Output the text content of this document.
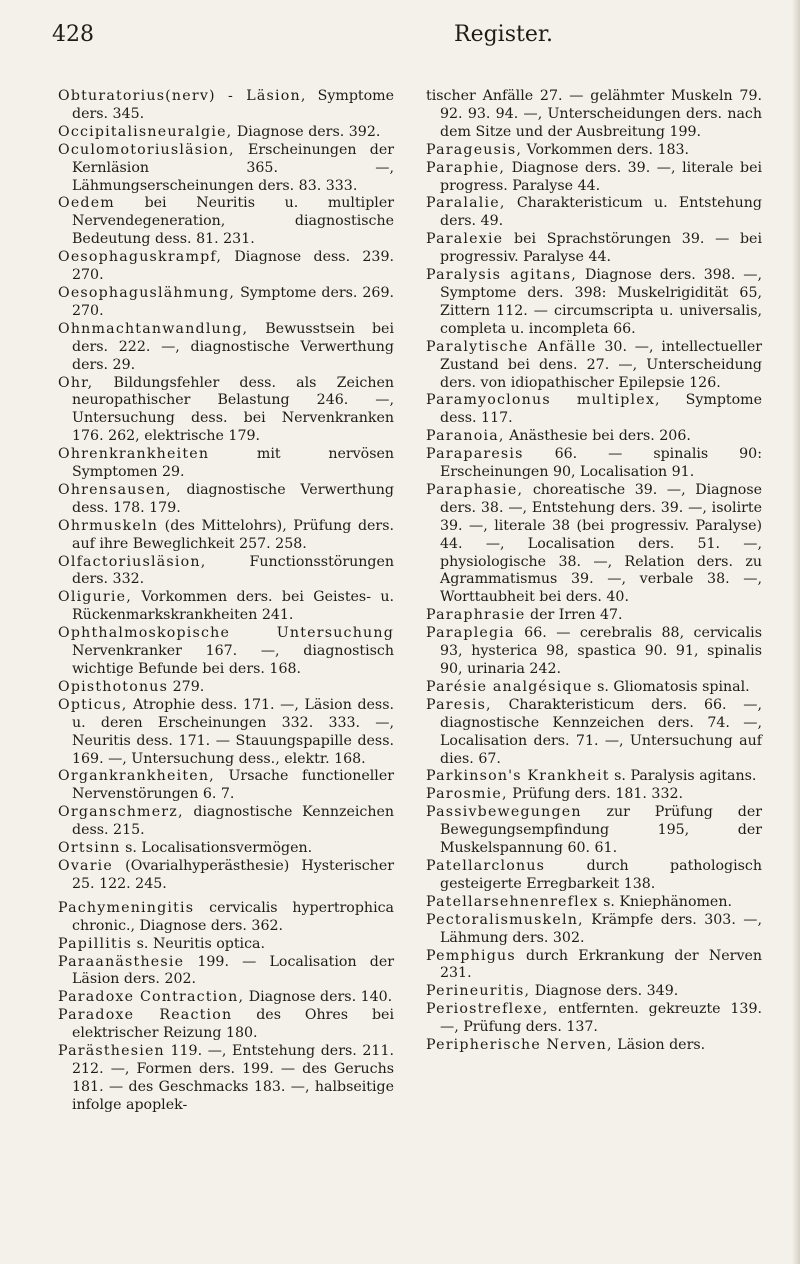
428	Register.

Obturatorius(nerv) - Läsion, Symptome ders. 345.

Occipitalisneuralgie, Diagnose ders. 392.

Oculomotoriusläsion, Erscheinungen der Kernläsion 365. —, Lähmungserscheinungen ders. 83. 333.

Oedem bei Neuritis u. multipler Nervendegeneration, diagnostische Bedeutung dess. 81. 231.

Oesophaguskrampf, Diagnose dess. 239. 270.

Oesophaguslähmung, Symptome ders. 269. 270.

Ohnmachtanwandlung, Bewusstsein bei ders. 222. —, diagnostische Verwerthung ders. 29.

Ohr, Bildungsfehler dess. als Zeichen neuropathischer Belastung 246. —, Untersuchung dess. bei Nervenkranken 176. 262, elektrische 179.

Ohrenkrankheiten	mit nervösen Symptomen 29.

Ohrensausen, diagnostische Verwerthung dess. 178. 179.

Ohrmuskeln (des Mittelohrs), Prüfung ders. auf ihre Beweglichkeit 257. 258.

Olfactoriusläsion,	Functionsstörungen ders. 332.

Oligurie, Vorkommen ders. bei Geistes- u. Rückenmarkskrankheiten 241.

Ophthalmoskopische Untersuchung Nervenkranker 167. —, diagnostisch wichtige Befunde bei ders. 168.

Opisthotonus 279.

Opticus, Atrophie dess. 171. —, Läsion dess. u. deren Erscheinungen 332. 333. —, Neuritis dess. 171. — Stauungspapille dess. 169. —, Untersuchung dess., elektr. 168.

Organkrankheiten, Ursache functioneller Nervenstörungen 6. 7.

Organschmerz, diagnostische Kennzeichen dess. 215.

Ortsinn s. Localisationsvermögen.

Ovarie (Ovarialhyperästhesie) Hysterischer 25. 122. 245.

Pachymeningitis cervicalis hypertrophica chronic., Diagnose ders. 362.

Papillitis s. Neuritis optica.

Paraanästhesie 199. — Localisation der Läsion ders. 202.

Paradoxe Contraction, Diagnose ders. 140.

Paradoxe Reaction des Ohres bei elektrischer Reizung 180.

Parästhesien 119. —, Entstehung ders. 211. 212. —, Formen ders. 199. — des Geruchs 181. — des Geschmacks 183. —, halbseitige infolge apoplek-

tischer Anfälle 27. — gelähmter Muskeln 79. 92. 93. 94. —, Unterscheidungen ders. nach dem Sitze und der Ausbreitung 199.

Parageusis, Vorkommen ders. 183.

Paraphie, Diagnose ders. 39. —, literale bei progress. Paralyse 44.

Paralalie, Charakteristicum u. Entstehung ders. 49.

Paralexie bei Sprachstörungen 39. — bei progressiv. Paralyse 44.

Paralysis agitans, Diagnose ders. 398. —, Symptome ders. 398: Muskelrigidität 65, Zittern 112. — circumscripta u. universalis, completa u. incompleta 66.

Paralytische Anfälle 30. —, intellectueller Zustand bei dens. 27. —, Unterscheidung ders. von idiopathischer Epilepsie 126.

Paramyoclonus multiplex, Symptome dess. 117.

Paranoia, Anästhesie bei ders. 206.

Paraparesis 66. — spinalis 90: Erscheinungen 90, Localisation 91.

Paraphasie, choreatische 39. —, Diagnose ders. 38. —, Entstehung ders. 39. —, isolirte 39. —, literale 38 (bei progressiv. Paralyse) 44. —, Localisation ders. 51. —, physiologische 38. —, Relation ders. zu Agrammatismus 39. —, verbale 38. —, Worttaubheit bei ders. 40.

Paraphrasie der Irren 47.

Paraplegia 66. — cerebralis 88, cervicalis 93, hysterica 98, spastica 90. 91, spinalis 90, urinaria 242.

Parésie analgésique s. Gliomatosis spinal.

Paresis, Charakteristicum ders. 66. —, diagnostische Kennzeichen ders. 74. —, Localisation ders. 71. —, Untersuchung auf dies. 67.

Parkinson's Krankheit s. Paralysis agitans.

Parosmie, Prüfung ders. 181. 332.

Passivbewegungen zur Prüfung der Bewegungsempfindung 195, der Muskelspannung 60. 61.

Patellarclonus	durch pathologisch gesteigerte Erregbarkeit 138.

Patellarsehnenreflex s. Kniephänomen.

Pectoralismuskeln, Krämpfe ders. 303. —, Lähmung ders. 302.

Pemphigus durch Erkrankung der Nerven 231.

Perineuritis, Diagnose ders. 349.

Periostreflexe, entfernten. gekreuzte 139. —, Prüfung ders. 137.

Peripherische Nerven, Läsion ders.
